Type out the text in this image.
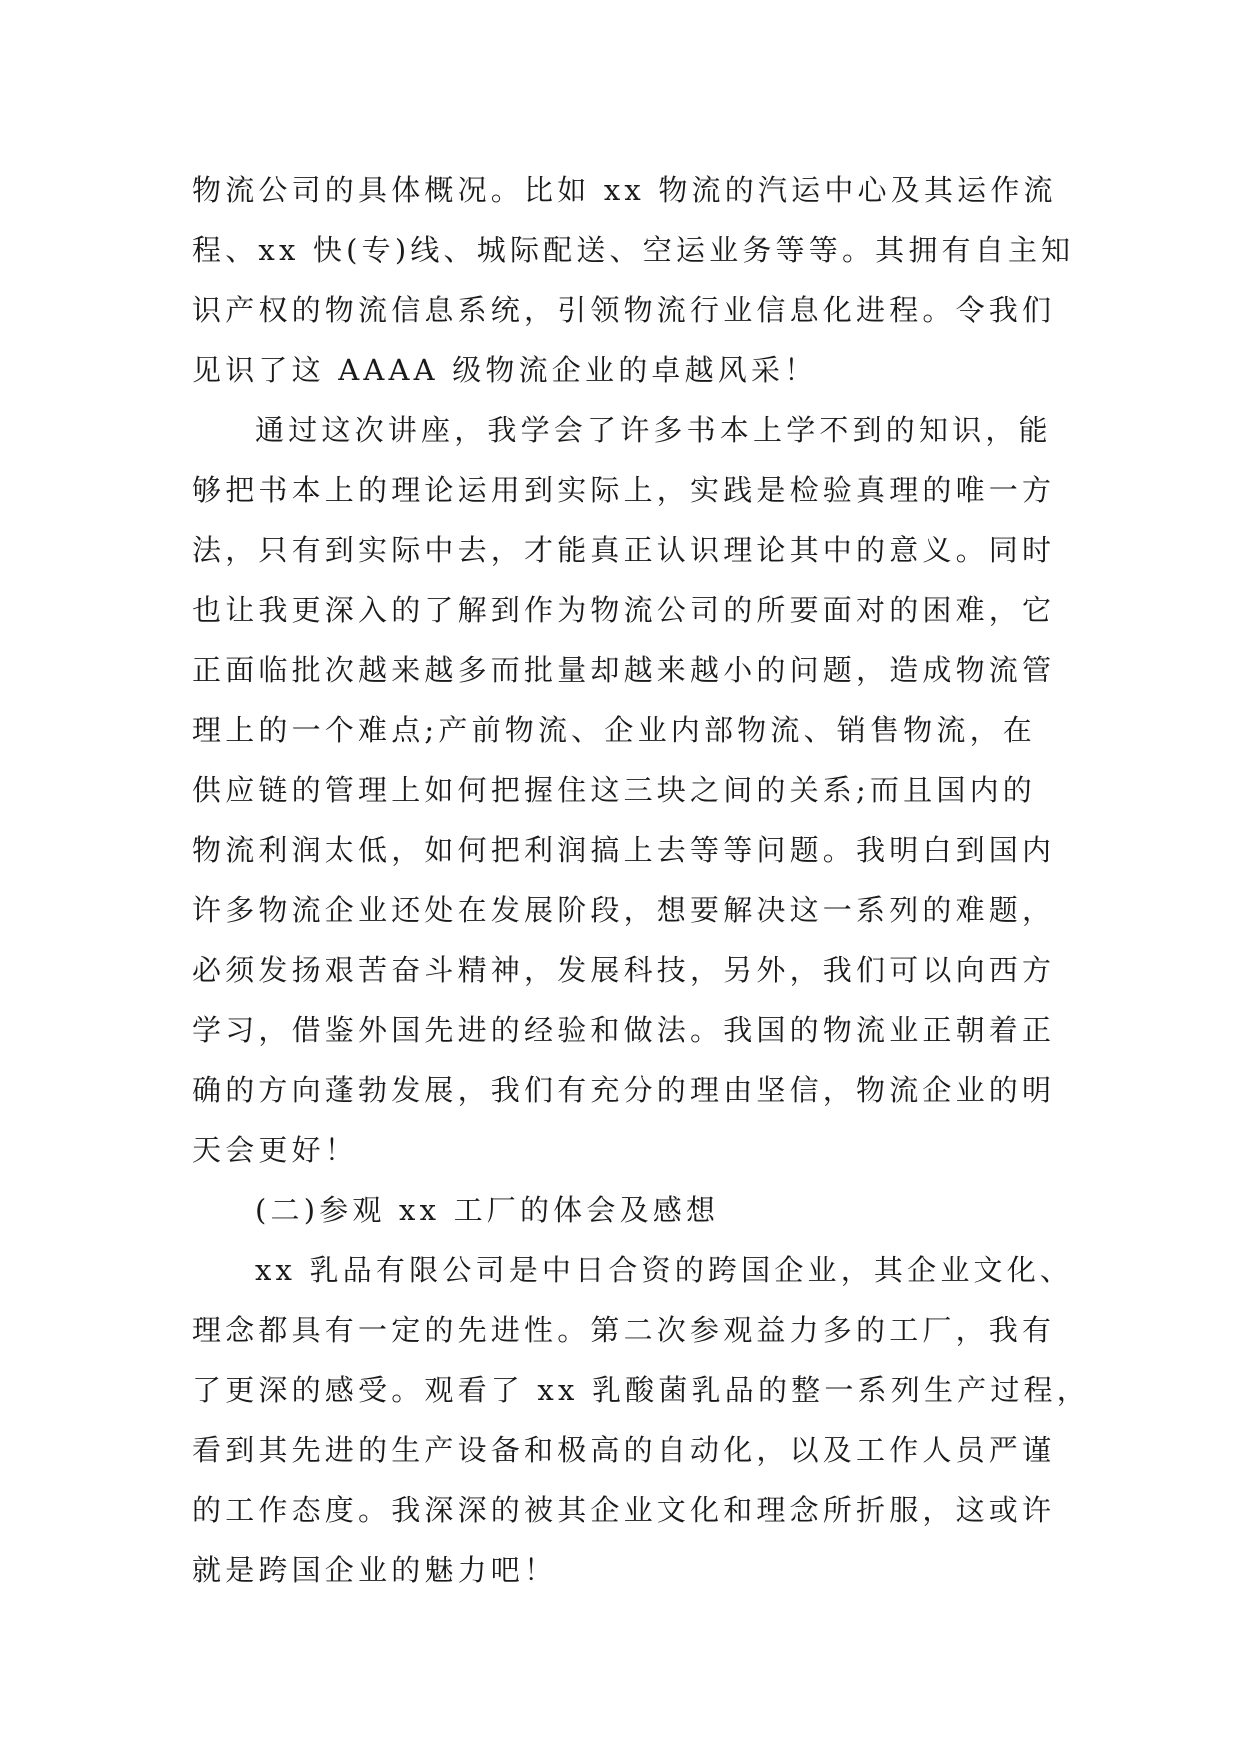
物流公司的具体概况。比如 xx 物流的汽运中心及其运作流
程、xx 快(专)线、城际配送、空运业务等等。其拥有自主知
识产权的物流信息系统，引领物流行业信息化进程。令我们
见识了这 AAAA 级物流企业的卓越风采！
通过这次讲座，我学会了许多书本上学不到的知识，能
够把书本上的理论运用到实际上，实践是检验真理的唯一方
法，只有到实际中去，才能真正认识理论其中的意义。同时
也让我更深入的了解到作为物流公司的所要面对的困难，它
正面临批次越来越多而批量却越来越小的问题，造成物流管
理上的一个难点;产前物流、企业内部物流、销售物流，在
供应链的管理上如何把握住这三块之间的关系;而且国内的
物流利润太低，如何把利润搞上去等等问题。我明白到国内
许多物流企业还处在发展阶段，想要解决这一系列的难题，
必须发扬艰苦奋斗精神，发展科技，另外，我们可以向西方
学习，借鉴外国先进的经验和做法。我国的物流业正朝着正
确的方向蓬勃发展，我们有充分的理由坚信，物流企业的明
天会更好！
(二)参观 xx 工厂的体会及感想
xx 乳品有限公司是中日合资的跨国企业，其企业文化、
理念都具有一定的先进性。第二次参观益力多的工厂，我有
了更深的感受。观看了 xx 乳酸菌乳品的整一系列生产过程，
看到其先进的生产设备和极高的自动化，以及工作人员严谨
的工作态度。我深深的被其企业文化和理念所折服，这或许
就是跨国企业的魅力吧！
